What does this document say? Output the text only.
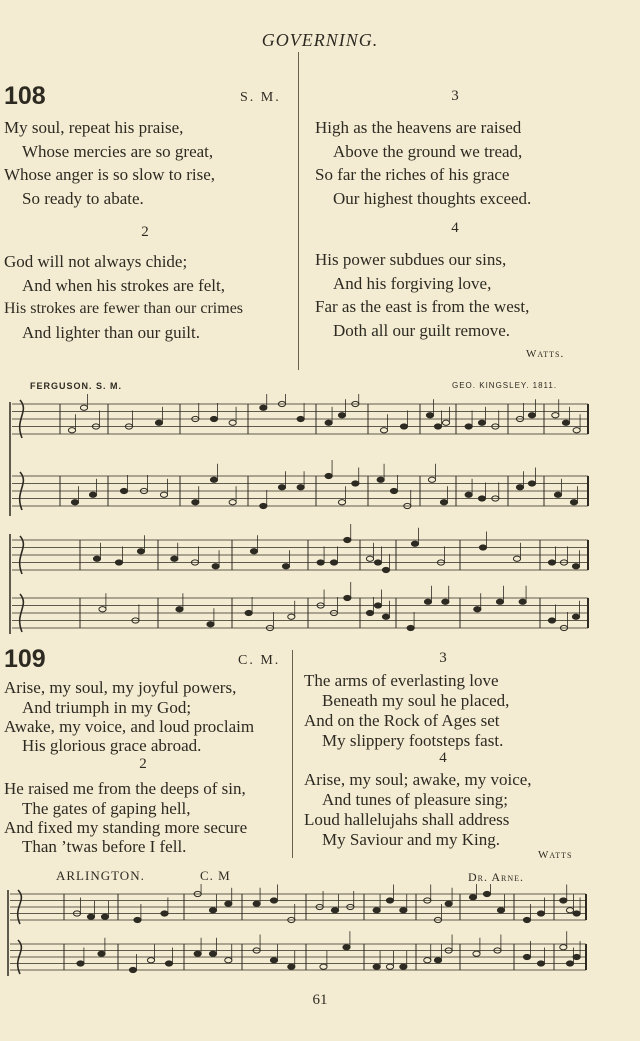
GOVERNING.
108	S. M.
My soul, repeat his praise,
Whose mercies are so great,
Whose anger is so slow to rise,
So ready to abate.
2
God will not always chide;
And when his strokes are felt,
His strokes are fewer than our crimes
And lighter than our guilt.
3
High as the heavens are raised
Above the ground we tread,
So far the riches of his grace
Our highest thoughts exceed.
4
His power subdues our sins,
And his forgiving love,
Far as the east is from the west,
Doth all our guilt remove.
Watts.
FERGUSON. S. M.	GEO. KINGSLEY. 1811.
109	C. M.
Arise, my soul, my joyful powers,
And triumph in my God;
Awake, my voice, and loud proclaim
His glorious grace abroad.
2
He raised me from the deeps of sin,
The gates of gaping hell,
And fixed my standing more secure
Than ’twas before I fell.
3
The arms of everlasting love
Beneath my soul he placed,
And on the Rock of Ages set
My slippery footsteps fast.
4
Arise, my soul; awake, my voice,
And tunes of pleasure sing;
Loud hallelujahs shall address
My Saviour and my King.
Watts
ARLINGTON.	C. M	Dr. Arne.
61
